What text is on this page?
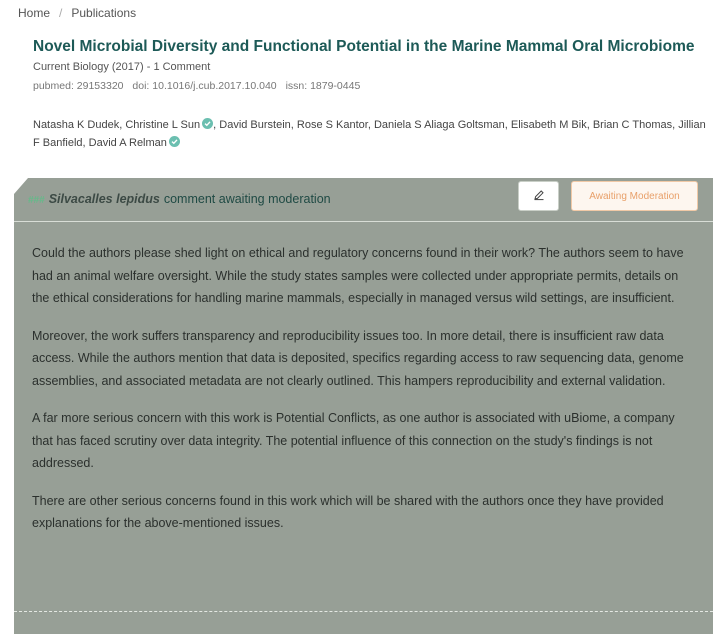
Home / Publications
Novel Microbial Diversity and Functional Potential in the Marine Mammal Oral Microbiome
Current Biology (2017) - 1 Comment
pubmed: 29153320 doi: 10.1016/j.cub.2017.10.040 issn: 1879-0445
Natasha K Dudek, Christine L Sun , David Burstein, Rose S Kantor, Daniela S Aliaga Goltsman, Elisabeth M Bik, Brian C Thomas, Jillian F Banfield, David A Relman
### Silvacalles lepidus comment awaiting moderation	Awaiting Moderation

Could the authors please shed light on ethical and regulatory concerns found in their work? The authors seem to have had an animal welfare oversight. While the study states samples were collected under appropriate permits, details on the ethical considerations for handling marine mammals, especially in managed versus wild settings, are insufficient.

Moreover, the work suffers transparency and reproducibility issues too. In more detail, there is insufficient raw data access. While the authors mention that data is deposited, specifics regarding access to raw sequencing data, genome assemblies, and associated metadata are not clearly outlined. This hampers reproducibility and external validation.

A far more serious concern with this work is Potential Conflicts, as one author is associated with uBiome, a company that has faced scrutiny over data integrity. The potential influence of this connection on the study's findings is not addressed.

There are other serious concerns found in this work which will be shared with the authors once they have provided explanations for the above-mentioned issues.
